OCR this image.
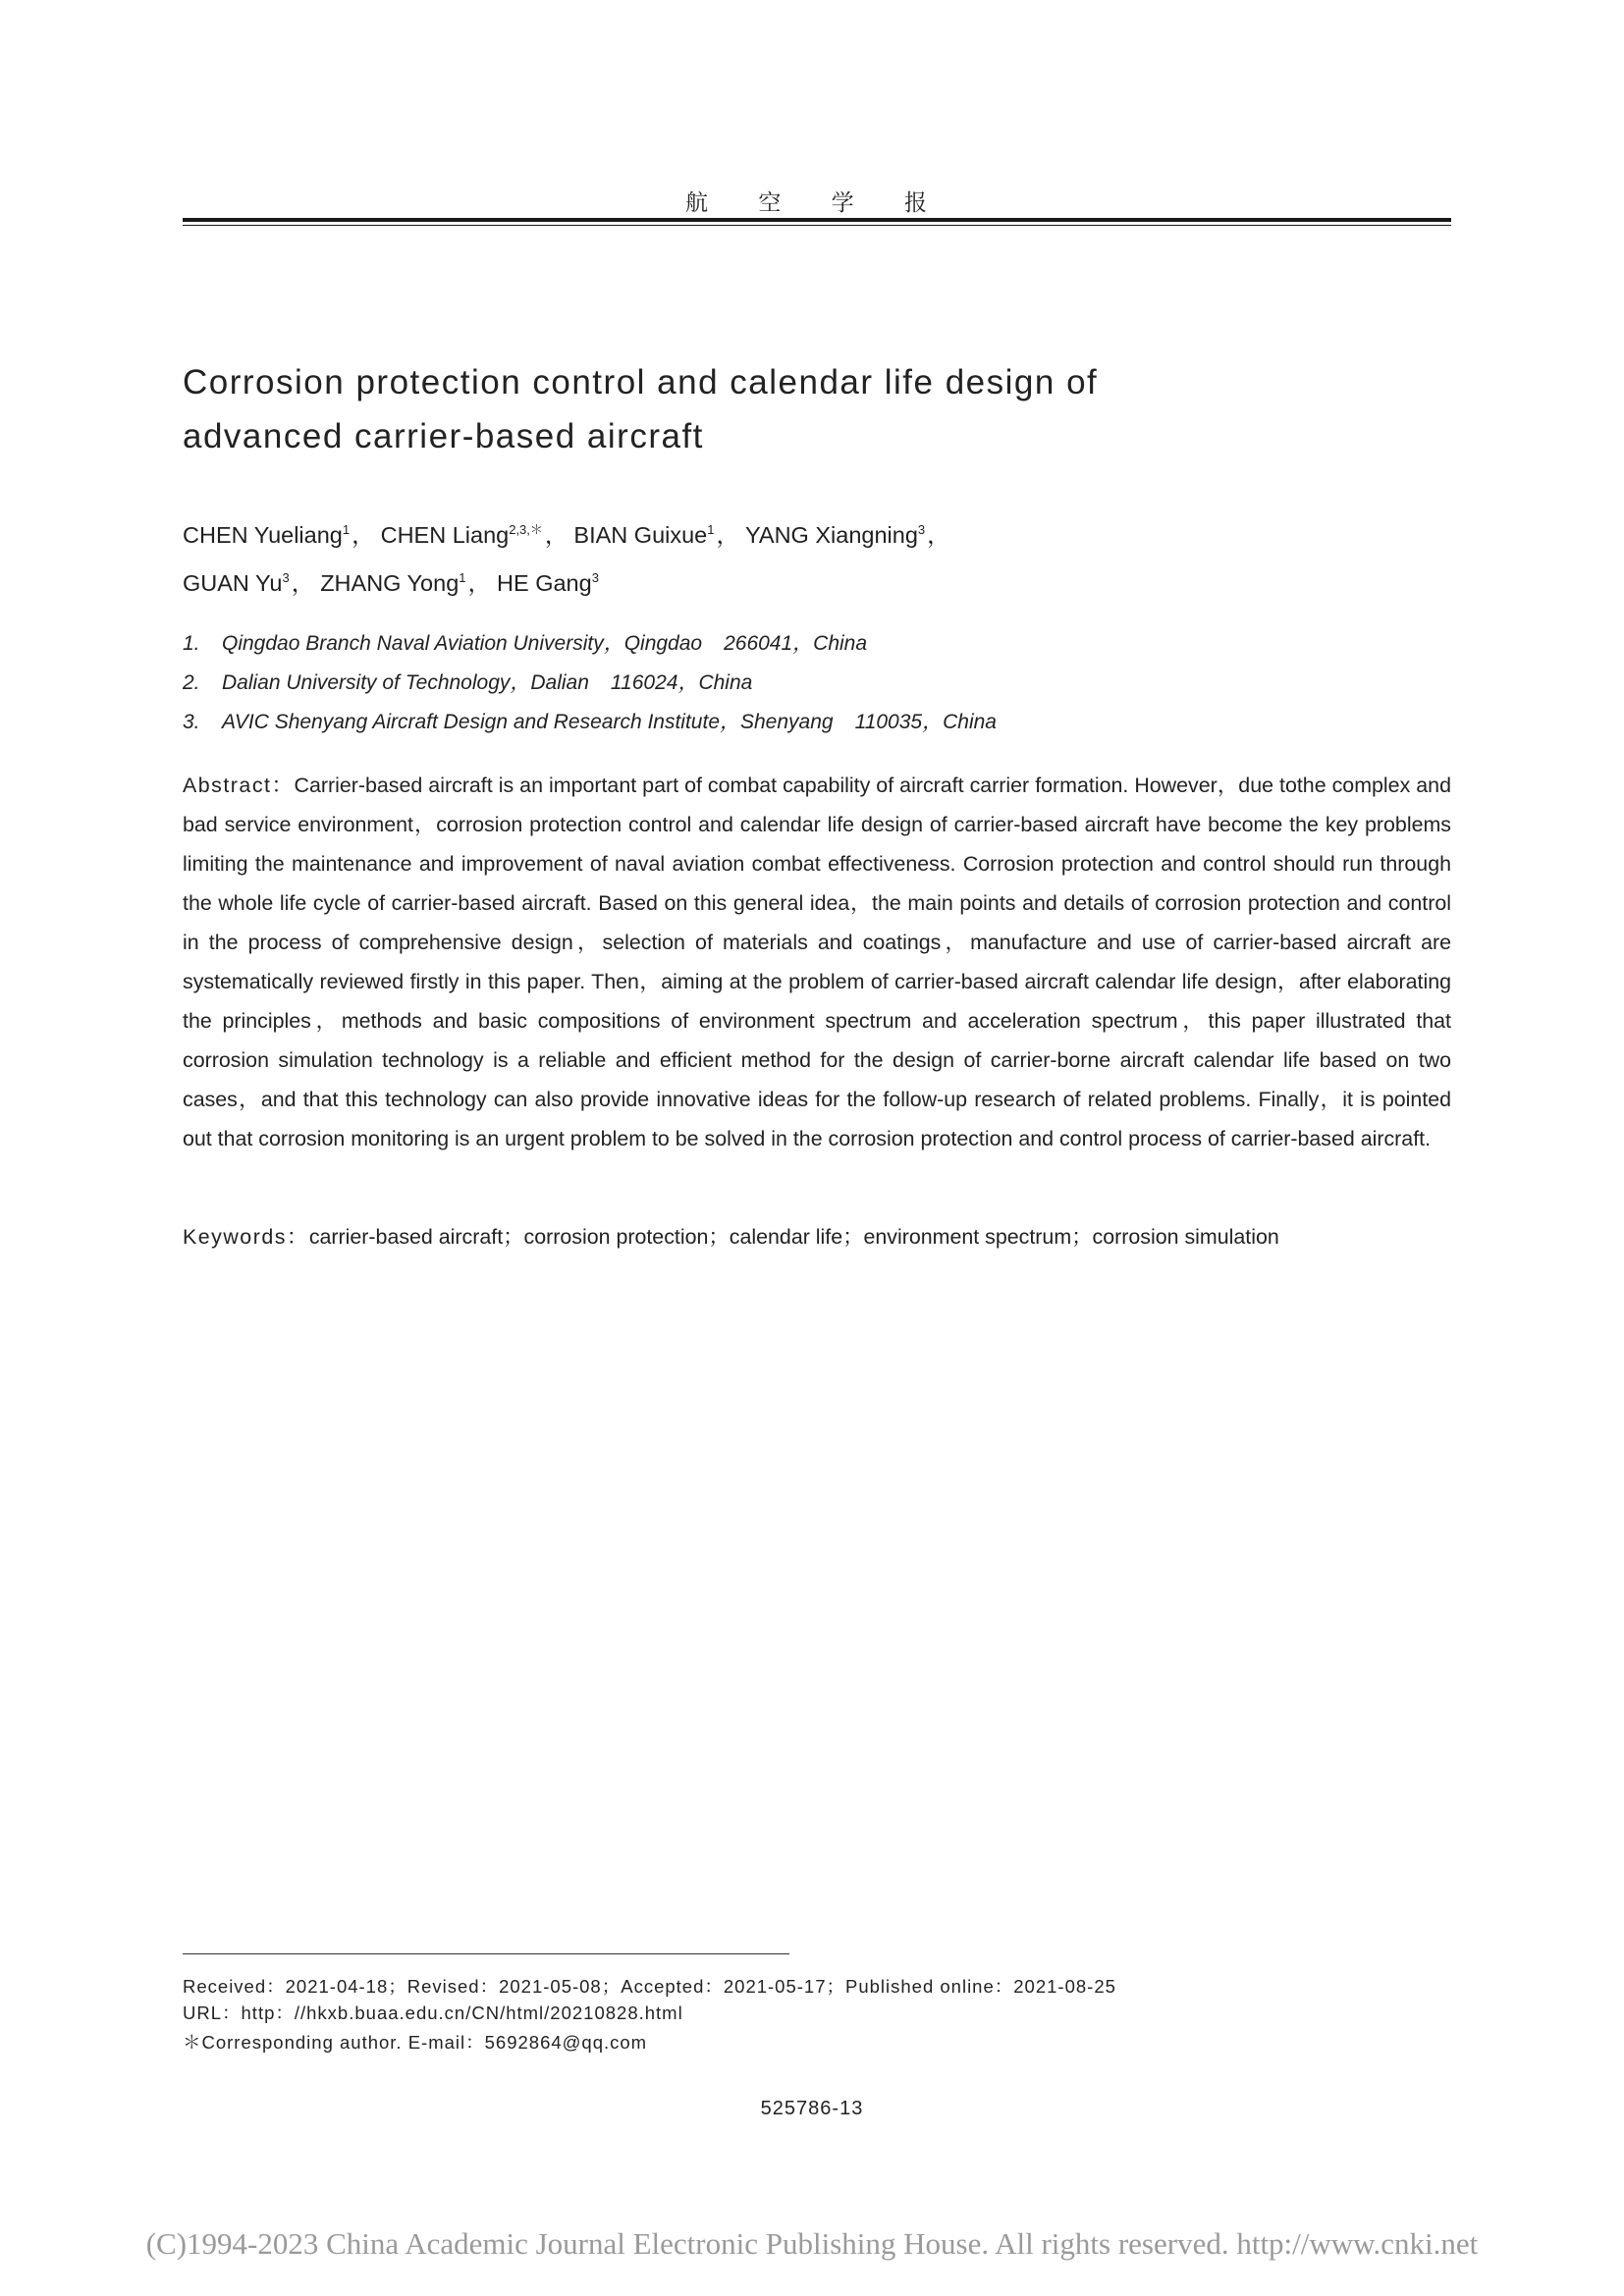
航 空 学 报
Corrosion protection control and calendar life design of
advanced carrier-based aircraft
CHEN Yueliang$^1$， CHEN Liang$^{2,3,*}$， BIAN Guixue$^1$， YANG Xiangning$^3$，
GUAN Yu$^3$， ZHANG Yong$^1$， HE Gang$^3$
1. Qingdao Branch Naval Aviation University，Qingdao 266041，China
2. Dalian University of Technology，Dalian 116024，China
3. AVIC Shenyang Aircraft Design and Research Institute，Shenyang 110035，China
Abstract：Carrier-based aircraft is an important part of combat capability of aircraft carrier formation. However，due tothe complex and bad service environment，corrosion protection control and calendar life design of carrier-based aircraft have become the key problems limiting the maintenance and improvement of naval aviation combat effectiveness. Corrosion protection and control should run through the whole life cycle of carrier-based aircraft. Based on this general idea，the main points and details of corrosion protection and control in the process of comprehensive design，selection of materials and coatings，manufacture and use of carrier-based aircraft are systematically reviewed firstly in this paper. Then，aiming at the problem of carrier-based aircraft calendar life design，after elaborating the principles，methods and basic compositions of environment spectrum and acceleration spectrum，this paper illustrated that corrosion simulation technology is a reliable and efficient method for the design of carrier-borne aircraft calendar life based on two cases，and that this technology can also provide innovative ideas for the follow-up research of related problems. Finally，it is pointed out that corrosion monitoring is an urgent problem to be solved in the corrosion protection and control process of carrier-based aircraft.
Keywords：carrier-based aircraft；corrosion protection；calendar life；environment spectrum；corrosion simulation
Received：2021-04-18；Revised：2021-05-08；Accepted：2021-05-17；Published online：2021-08-25
URL：http：//hkxb.buaa.edu.cn/CN/html/20210828.html
＊Corresponding author. E-mail：5692864@qq.com
525786-13
(C)1994-2023 China Academic Journal Electronic Publishing House. All rights reserved. http://www.cnki.net
